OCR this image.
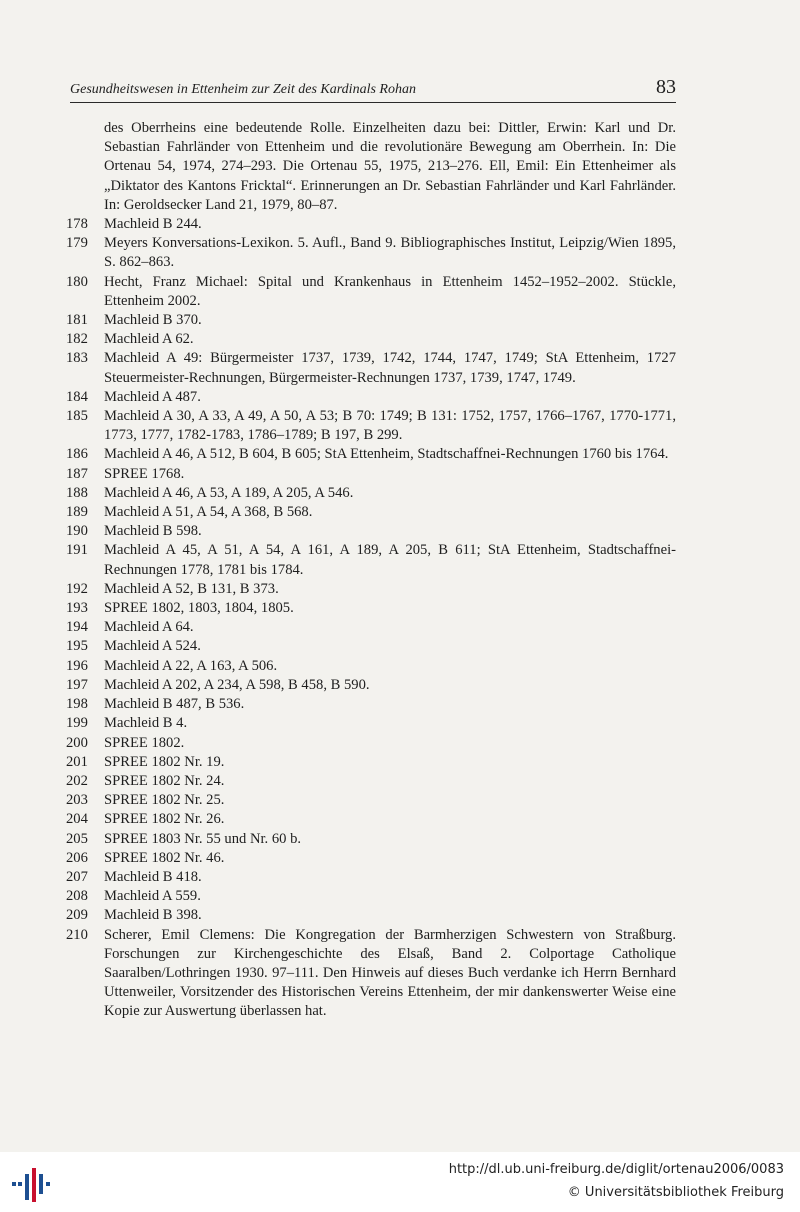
Gesundheitswesen in Ettenheim zur Zeit des Kardinals Rohan	83
des Oberrheins eine bedeutende Rolle. Einzelheiten dazu bei: Dittler, Erwin: Karl und Dr. Sebastian Fahrländer von Ettenheim und die revolutionäre Bewegung am Oberrhein. In: Die Ortenau 54, 1974, 274–293. Die Ortenau 55, 1975, 213–276. Ell, Emil: Ein Ettenheimer als „Diktator des Kantons Fricktal“. Erinnerungen an Dr. Sebastian Fahrländer und Karl Fahrländer. In: Geroldsecker Land 21, 1979, 80–87.
178 Machleid B 244.
179 Meyers Konversations-Lexikon. 5. Aufl., Band 9. Bibliographisches Institut, Leipzig/Wien 1895, S. 862–863.
180 Hecht, Franz Michael: Spital und Krankenhaus in Ettenheim 1452–1952–2002. Stückle, Ettenheim 2002.
181 Machleid B 370.
182 Machleid A 62.
183 Machleid A 49: Bürgermeister 1737, 1739, 1742, 1744, 1747, 1749; StA Ettenheim, 1727 Steuermeister-Rechnungen, Bürgermeister-Rechnungen 1737, 1739, 1747, 1749.
184 Machleid A 487.
185 Machleid A 30, A 33, A 49, A 50, A 53; B 70: 1749; B 131: 1752, 1757, 1766–1767, 1770-1771, 1773, 1777, 1782-1783, 1786–1789; B 197, B 299.
186 Machleid A 46, A 512, B 604, B 605; StA Ettenheim, Stadtschaffnei-Rechnungen 1760 bis 1764.
187 SPREE 1768.
188 Machleid A 46, A 53, A 189, A 205, A 546.
189 Machleid A 51, A 54, A 368, B 568.
190 Machleid B 598.
191 Machleid A 45, A 51, A 54, A 161, A 189, A 205, B 611; StA Ettenheim, Stadtschaffnei-Rechnungen 1778, 1781 bis 1784.
192 Machleid A 52, B 131, B 373.
193 SPREE 1802, 1803, 1804, 1805.
194 Machleid A 64.
195 Machleid A 524.
196 Machleid A 22, A 163, A 506.
197 Machleid A 202, A 234, A 598, B 458, B 590.
198 Machleid B 487, B 536.
199 Machleid B 4.
200 SPREE 1802.
201 SPREE 1802 Nr. 19.
202 SPREE 1802 Nr. 24.
203 SPREE 1802 Nr. 25.
204 SPREE 1802 Nr. 26.
205 SPREE 1803 Nr. 55 und Nr. 60 b.
206 SPREE 1802 Nr. 46.
207 Machleid B 418.
208 Machleid A 559.
209 Machleid B 398.
210 Scherer, Emil Clemens: Die Kongregation der Barmherzigen Schwestern von Straßburg. Forschungen zur Kirchengeschichte des Elsaß, Band 2. Colportage Catholique Saaralben/Lothringen 1930. 97–111. Den Hinweis auf dieses Buch verdanke ich Herrn Bernhard Uttenweiler, Vorsitzender des Historischen Vereins Ettenheim, der mir dankenswerter Weise eine Kopie zur Auswertung überlassen hat.
http://dl.ub.uni-freiburg.de/diglit/ortenau2006/0083
© Universitätsbibliothek Freiburg
